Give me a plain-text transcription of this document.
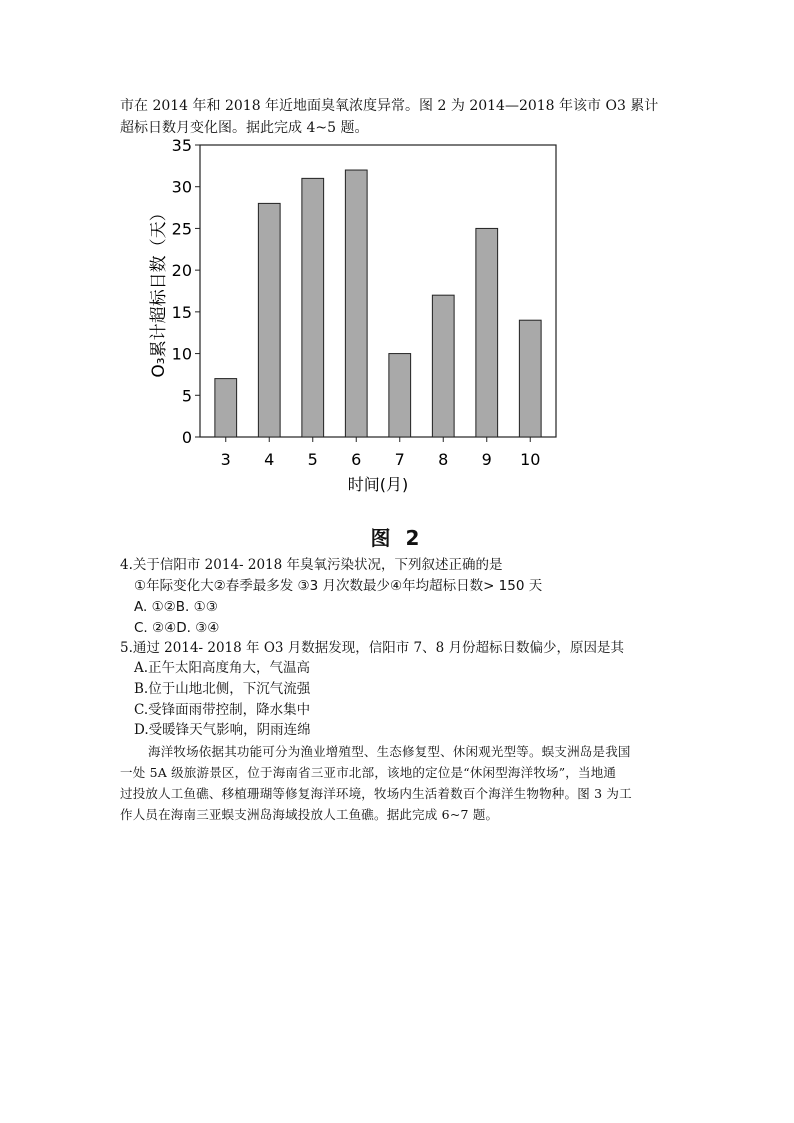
市在 2014 年和 2018 年近地面臭氧浓度异常。图 2 为 2014—2018 年该市 O3 累计
超标日数月变化图。据此完成 4~5 题。
0
5
10
15
20
25
30
35
3 4 5 6 7 8 9 10
时间(月)
O₃累计超标日数（天）
图 2
4.关于信阳市 2014- 2018 年臭氧污染状况，下列叙述正确的是
①年际变化大②春季最多发 ③3 月次数最少④年均超标日数> 150 天
A. ①②B. ①③
C. ②④D. ③④
5.通过 2014- 2018 年 O3 月数据发现，信阳市 7、8 月份超标日数偏少，原因是其
A.正午太阳高度角大，气温高
B.位于山地北侧，下沉气流强
C.受锋面雨带控制，降水集中
D.受暖锋天气影响，阴雨连绵
海洋牧场依据其功能可分为渔业增殖型、生态修复型、休闲观光型等。蜈支洲岛是我国
一处 5A 级旅游景区，位于海南省三亚市北部，该地的定位是“休闲型海洋牧场”，当地通
过投放人工鱼礁、移植珊瑚等修复海洋环境，牧场内生活着数百个海洋生物物种。图 3 为工
作人员在海南三亚蜈支洲岛海域投放人工鱼礁。据此完成 6~7 题。
